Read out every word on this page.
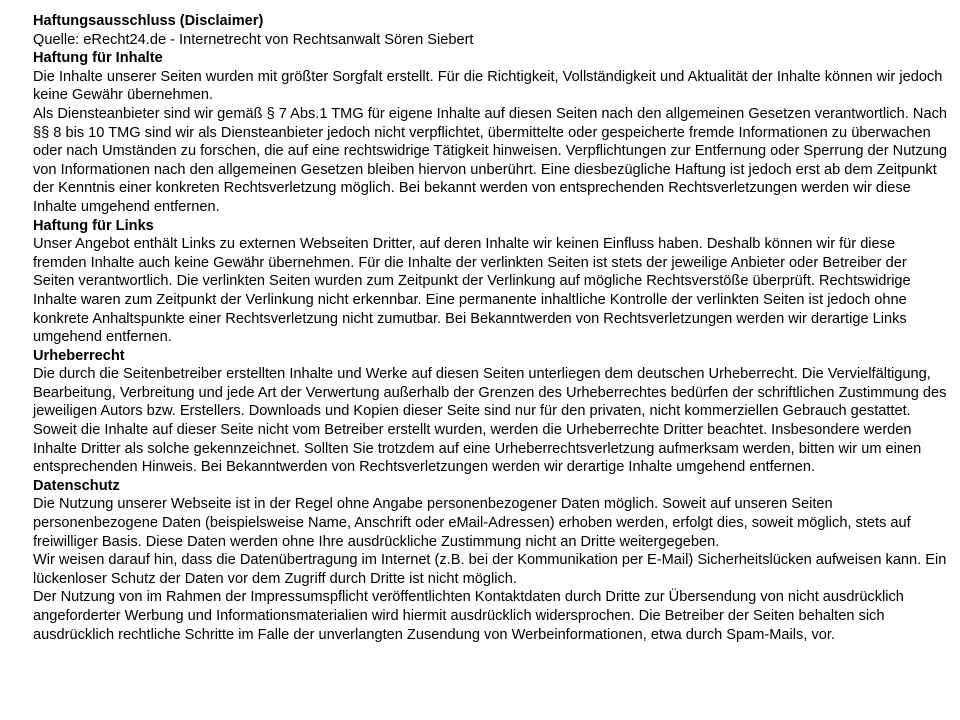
Haftungsausschluss (Disclaimer)

Quelle: eRecht24.de - Internetrecht von Rechtsanwalt Sören Siebert

Haftung für Inhalte

Die Inhalte unserer Seiten wurden mit größter Sorgfalt erstellt. Für die Richtigkeit, Vollständigkeit und Aktualität der Inhalte können wir jedoch keine Gewähr übernehmen.

Als Diensteanbieter sind wir gemäß § 7 Abs.1 TMG für eigene Inhalte auf diesen Seiten nach den allgemeinen Gesetzen verantwortlich. Nach §§ 8 bis 10 TMG sind wir als Diensteanbieter jedoch nicht verpflichtet, übermittelte oder gespeicherte fremde Informationen zu überwachen oder nach Umständen zu forschen, die auf eine rechtswidrige Tätigkeit hinweisen. Verpflichtungen zur Entfernung oder Sperrung der Nutzung von Informationen nach den allgemeinen Gesetzen bleiben hiervon unberührt. Eine diesbezügliche Haftung ist jedoch erst ab dem Zeitpunkt der Kenntnis einer konkreten Rechtsverletzung möglich. Bei bekannt werden von entsprechenden Rechtsverletzungen werden wir diese Inhalte umgehend entfernen.

Haftung für Links

Unser Angebot enthält Links zu externen Webseiten Dritter, auf deren Inhalte wir keinen Einfluss haben. Deshalb können wir für diese fremden Inhalte auch keine Gewähr übernehmen. Für die Inhalte der verlinkten Seiten ist stets der jeweilige Anbieter oder Betreiber der Seiten verantwortlich. Die verlinkten Seiten wurden zum Zeitpunkt der Verlinkung auf mögliche Rechtsverstöße überprüft. Rechtswidrige Inhalte waren zum Zeitpunkt der Verlinkung nicht erkennbar. Eine permanente inhaltliche Kontrolle der verlinkten Seiten ist jedoch ohne konkrete Anhaltspunkte einer Rechtsverletzung nicht zumutbar. Bei Bekanntwerden von Rechtsverletzungen werden wir derartige Links umgehend entfernen.

Urheberrecht

Die durch die Seitenbetreiber erstellten Inhalte und Werke auf diesen Seiten unterliegen dem deutschen Urheberrecht. Die Vervielfältigung, Bearbeitung, Verbreitung und jede Art der Verwertung außerhalb der Grenzen des Urheberrechtes bedürfen der schriftlichen Zustimmung des jeweiligen Autors bzw. Erstellers. Downloads und Kopien dieser Seite sind nur für den privaten, nicht kommerziellen Gebrauch gestattet. Soweit die Inhalte auf dieser Seite nicht vom Betreiber erstellt wurden, werden die Urheberrechte Dritter beachtet. Insbesondere werden Inhalte Dritter als solche gekennzeichnet. Sollten Sie trotzdem auf eine Urheberrechtsverletzung aufmerksam werden, bitten wir um einen entsprechenden Hinweis. Bei Bekanntwerden von Rechtsverletzungen werden wir derartige Inhalte umgehend entfernen.

Datenschutz

Die Nutzung unserer Webseite ist in der Regel ohne Angabe personenbezogener Daten möglich. Soweit auf unseren Seiten personenbezogene Daten (beispielsweise Name, Anschrift oder eMail-Adressen) erhoben werden, erfolgt dies, soweit möglich, stets auf freiwilliger Basis. Diese Daten werden ohne Ihre ausdrückliche Zustimmung nicht an Dritte weitergegeben.

Wir weisen darauf hin, dass die Datenübertragung im Internet (z.B. bei der Kommunikation per E-Mail) Sicherheitslücken aufweisen kann. Ein lückenloser Schutz der Daten vor dem Zugriff durch Dritte ist nicht möglich.

Der Nutzung von im Rahmen der Impressumspflicht veröffentlichten Kontaktdaten durch Dritte zur Übersendung von nicht ausdrücklich angeforderter Werbung und Informationsmaterialien wird hiermit ausdrücklich widersprochen. Die Betreiber der Seiten behalten sich ausdrücklich rechtliche Schritte im Falle der unverlangten Zusendung von Werbeinformationen, etwa durch Spam-Mails, vor.
